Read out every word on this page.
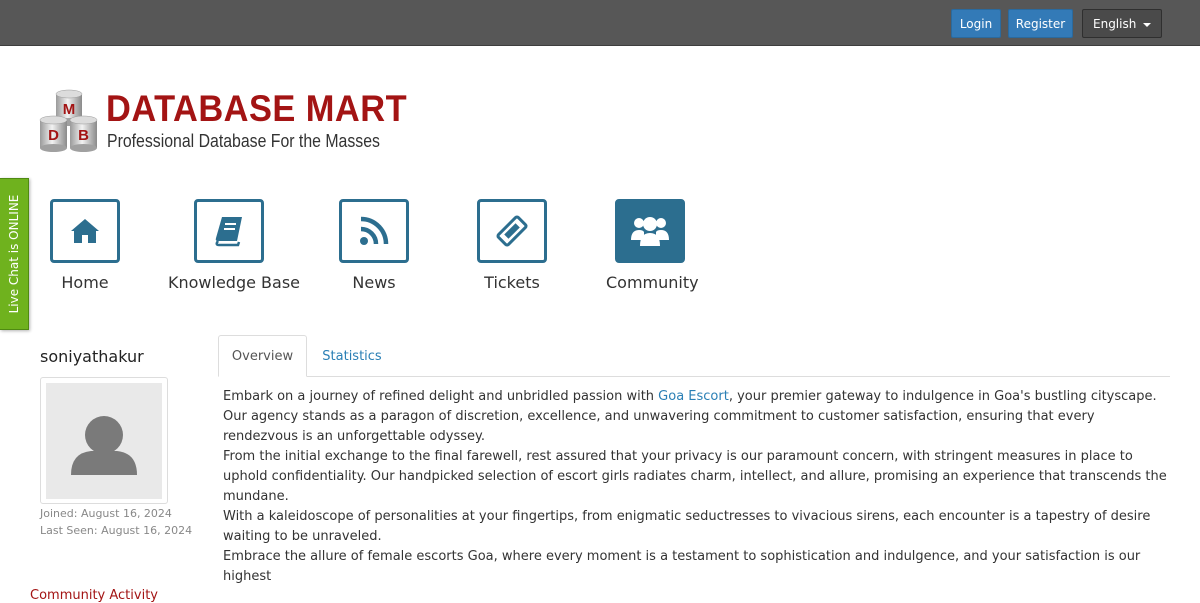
Login	Register	English
M
D B
DATABASE MART
Professional Database For the Masses
Live Chat is ONLINE	Home	Knowledge Base	News	Tickets	Community
soniyathakur
Joined: August 16, 2024
Last Seen: August 16, 2024
Overview	Statistics

Embark on a journey of refined delight and unbridled passion with Goa Escort, your premier gateway to indulgence in Goa's bustling cityscape. Our agency stands as a paragon of discretion, excellence, and unwavering commitment to customer satisfaction, ensuring that every rendezvous is an unforgettable odyssey.

From the initial exchange to the final farewell, rest assured that your privacy is our paramount concern, with stringent measures in place to uphold confidentiality. Our handpicked selection of escort girls radiates charm, intellect, and allure, promising an experience that transcends the mundane.

With a kaleidoscope of personalities at your fingertips, from enigmatic seductresses to vivacious sirens, each encounter is a tapestry of desire waiting to be unraveled.

Embrace the allure of female escorts Goa, where every moment is a testament to sophistication and indulgence, and your satisfaction is our highest

Community Activity
